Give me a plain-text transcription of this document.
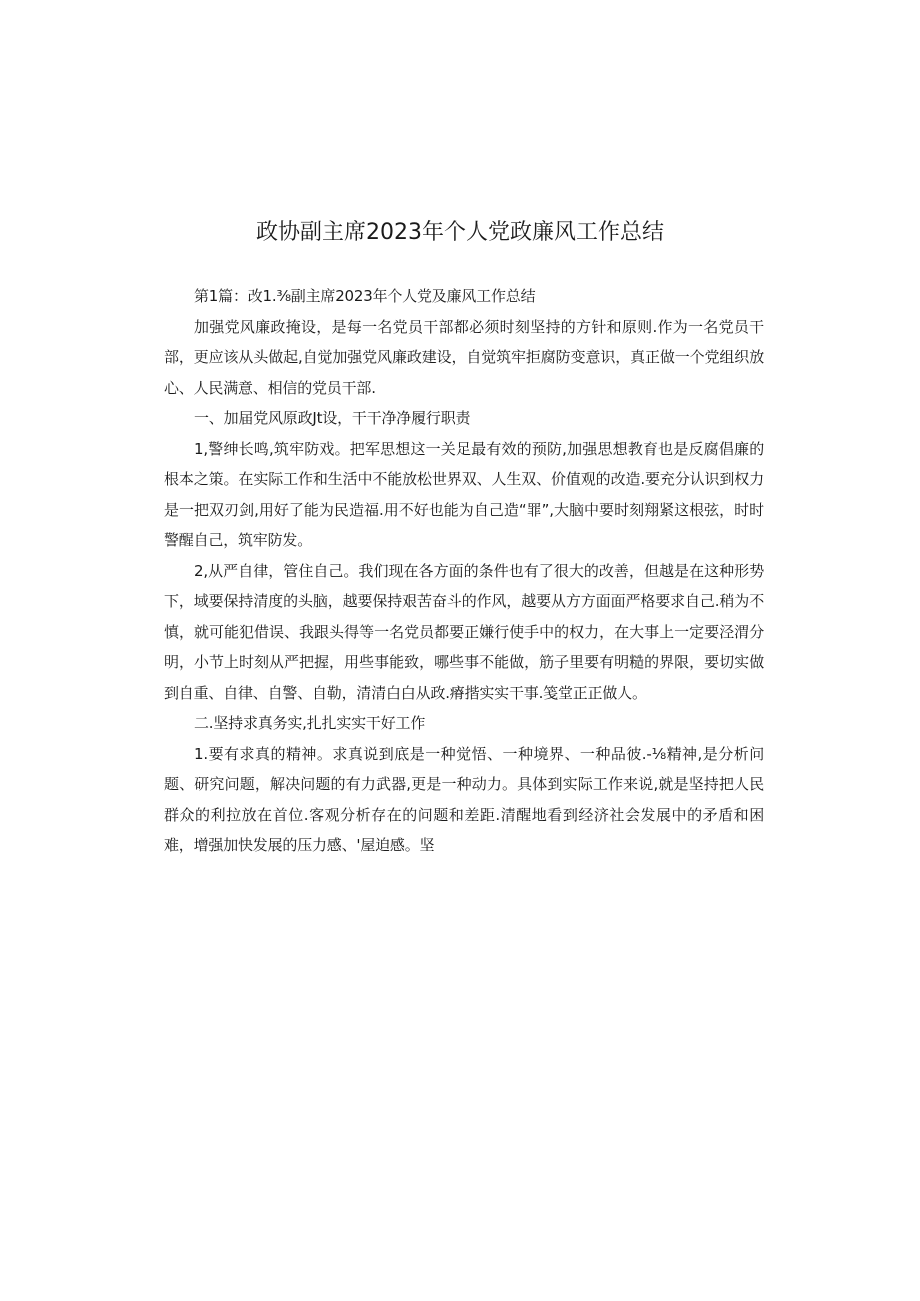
政协副主席2023年个人党政廉风工作总结

第1篇：改1.⅜副主席2023年个人党及廉风工作总结

加强党风廉政掩设，是每一名党员干部都必须时刻坚持的方针和原则.作为一名党员干部，更应该从头做起,自觉加强党风廉政建设，自觉筑牢拒腐防变意识，真正做一个党组织放心、人民满意、相信的党员干部.

一、加届党风原政Jt设，干干净净履行职责

1,警绅长鸣,筑牢防戏。把军思想这一关足最有效的预防,加强思想教育也是反腐倡廉的根本之策。在实际工作和生活中不能放松世界双、人生双、价值观的改造.要充分认识到权力是一把双刃剑,用好了能为民造福.用不好也能为自己造“罪”,大脑中要时刻翔紧这根弦，时时警醒自己，筑牢防发。

2,从严自律，管住自己。我们现在各方面的条件也有了很大的改善，但越是在这种形势下，域要保持清度的头脑，越要保持艰苦奋斗的作风，越要从方方面面严格要求自己.稍为不慎，就可能犯借误、我跟头得等一名党员都要正嫌行使手中的权力，在大事上一定要泾渭分明，小节上时刻从严把握，用些事能致，哪些事不能做，筋子里要有明糙的界限，要切实做到自重、自律、自警、自勒，清清白白从政.瘠揩实实干事.笺堂正正做人。

二.坚持求真务实,扎扎实实干好工作

1.要有求真的精神。求真说到底是一种觉悟、一种境界、一种品彼.-⅛精神,是分析问题、研究问题，解决问题的有力武器,更是一种动力。具体到实际工作来说,就是坚持把人民群众的利拉放在首位.客观分析存在的问题和差距.清醒地看到经济社会发展中的矛盾和困难，增强加快发展的压力感、'屋迫感。坚
